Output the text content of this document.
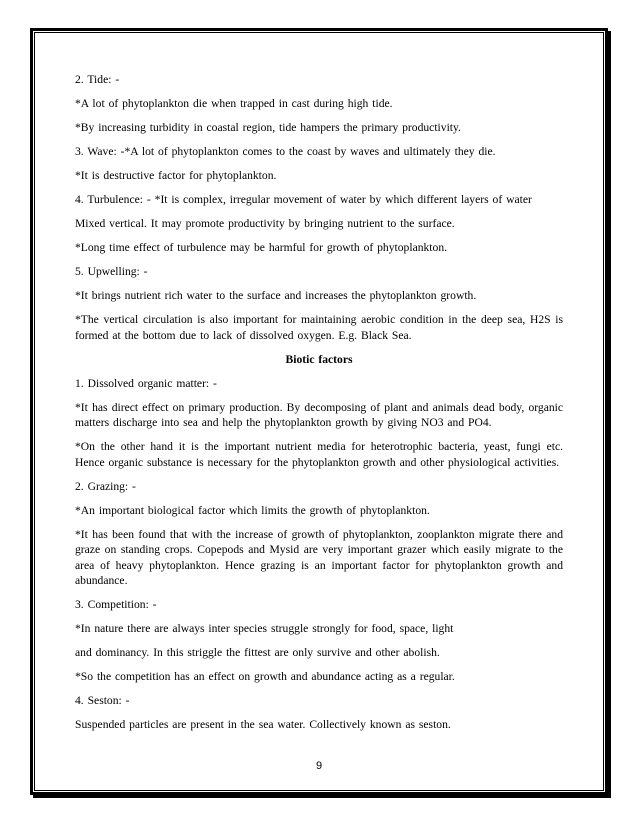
2. Tide: -

*A lot of phytoplankton die when trapped in cast during high tide.

*By increasing turbidity in coastal region, tide hampers the primary productivity.

3. Wave: -*A lot of phytoplankton comes to the coast by waves and ultimately they die.

*It is destructive factor for phytoplankton.

4. Turbulence: - *It is complex, irregular movement of water by which different layers of water

Mixed vertical. It may promote productivity by bringing nutrient to the surface.

*Long time effect of turbulence may be harmful for growth of phytoplankton.

5. Upwelling: -

*It brings nutrient rich water to the surface and increases the phytoplankton growth.

*The vertical circulation is also important for maintaining aerobic condition in the deep sea, H2S is formed at the bottom due to lack of dissolved oxygen. E.g. Black Sea.

Biotic factors

1. Dissolved organic matter: -

*It has direct effect on primary production. By decomposing of plant and animals dead body, organic matters discharge into sea and help the phytoplankton growth by giving NO3 and PO4.

*On the other hand it is the important nutrient media for heterotrophic bacteria, yeast, fungi etc. Hence organic substance is necessary for the phytoplankton growth and other physiological activities.

2. Grazing: -

*An important biological factor which limits the growth of phytoplankton.

*It has been found that with the increase of growth of phytoplankton, zooplankton migrate there and graze on standing crops. Copepods and Mysid are very important grazer which easily migrate to the area of heavy phytoplankton. Hence grazing is an important factor for phytoplankton growth and abundance.

3. Competition: -

*In nature there are always inter species struggle strongly for food, space, light

and dominancy. In this striggle the fittest are only survive and other abolish.

*So the competition has an effect on growth and abundance acting as a regular.

4. Seston: -

Suspended particles are present in the sea water. Collectively known as seston.

9
